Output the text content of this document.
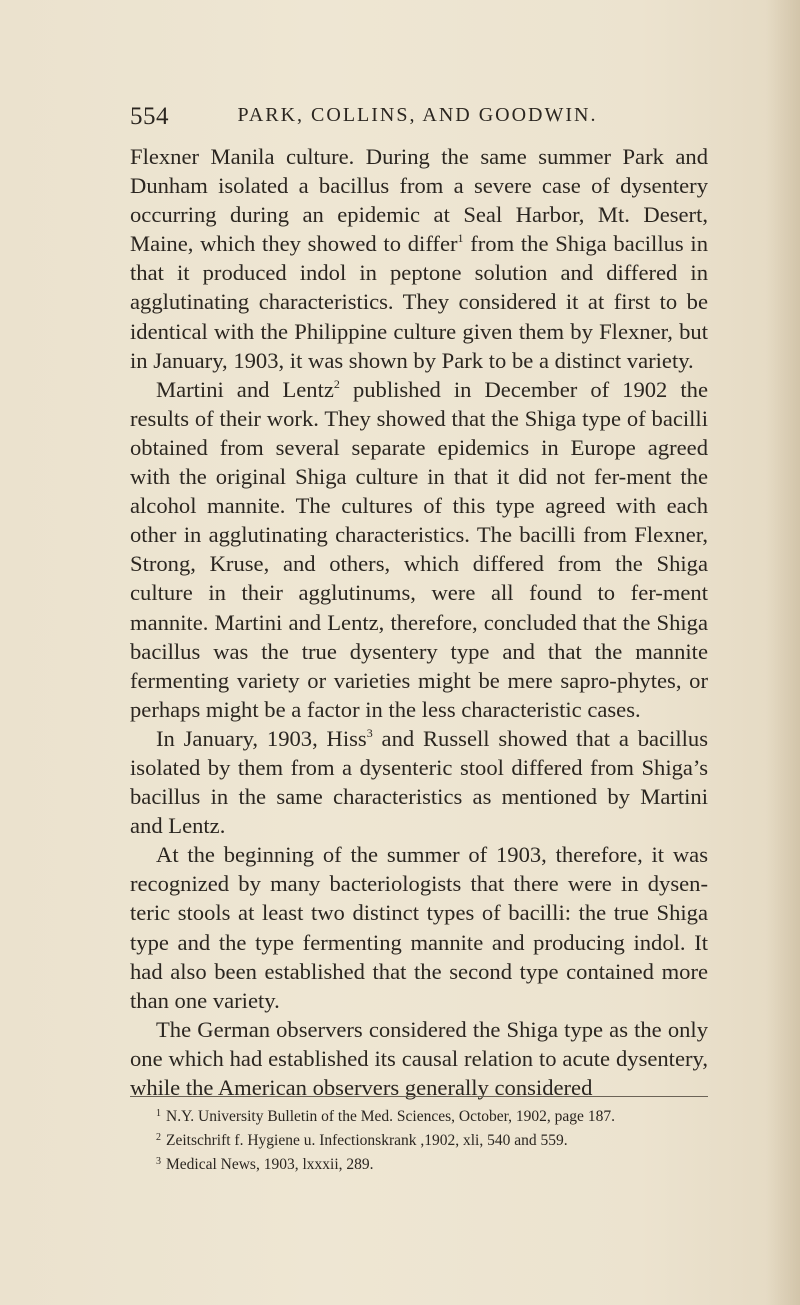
554	PARK, COLLINS, AND GOODWIN.

Flexner Manila culture. During the same summer Park and Dunham isolated a bacillus from a severe case of dysentery occurring during an epidemic at Seal Harbor, Mt. Desert, Maine, which they showed to differ$^1$ from the Shiga bacillus in that it produced indol in peptone solution and differed in agglutinating characteristics. They considered it at first to be identical with the Philippine culture given them by Flexner, but in January, 1903, it was shown by Park to be a distinct variety.

Martini and Lentz$^2$ published in December of 1902 the results of their work. They showed that the Shiga type of bacilli obtained from several separate epidemics in Europe agreed with the original Shiga culture in that it did not fer-ment the alcohol mannite. The cultures of this type agreed with each other in agglutinating characteristics. The bacilli from Flexner, Strong, Kruse, and others, which differed from the Shiga culture in their agglutinums, were all found to fer-ment mannite. Martini and Lentz, therefore, concluded that the Shiga bacillus was the true dysentery type and that the mannite fermenting variety or varieties might be mere sapro-phytes, or perhaps might be a factor in the less characteristic cases.

In January, 1903, Hiss$^3$ and Russell showed that a bacillus isolated by them from a dysenteric stool differed from Shiga’s bacillus in the same characteristics as mentioned by Martini and Lentz.

At the beginning of the summer of 1903, therefore, it was recognized by many bacteriologists that there were in dysen-teric stools at least two distinct types of bacilli: the true Shiga type and the type fermenting mannite and producing indol. It had also been established that the second type contained more than one variety.

The German observers considered the Shiga type as the only one which had established its causal relation to acute dysentery, while the American observers generally considered

$^1$ N.Y. University Bulletin of the Med. Sciences, October, 1902, page 187.
$^2$ Zeitschrift f. Hygiene u. Infectionskrank ,1902, xli, 540 and 559.
$^3$ Medical News, 1903, lxxxii, 289.
